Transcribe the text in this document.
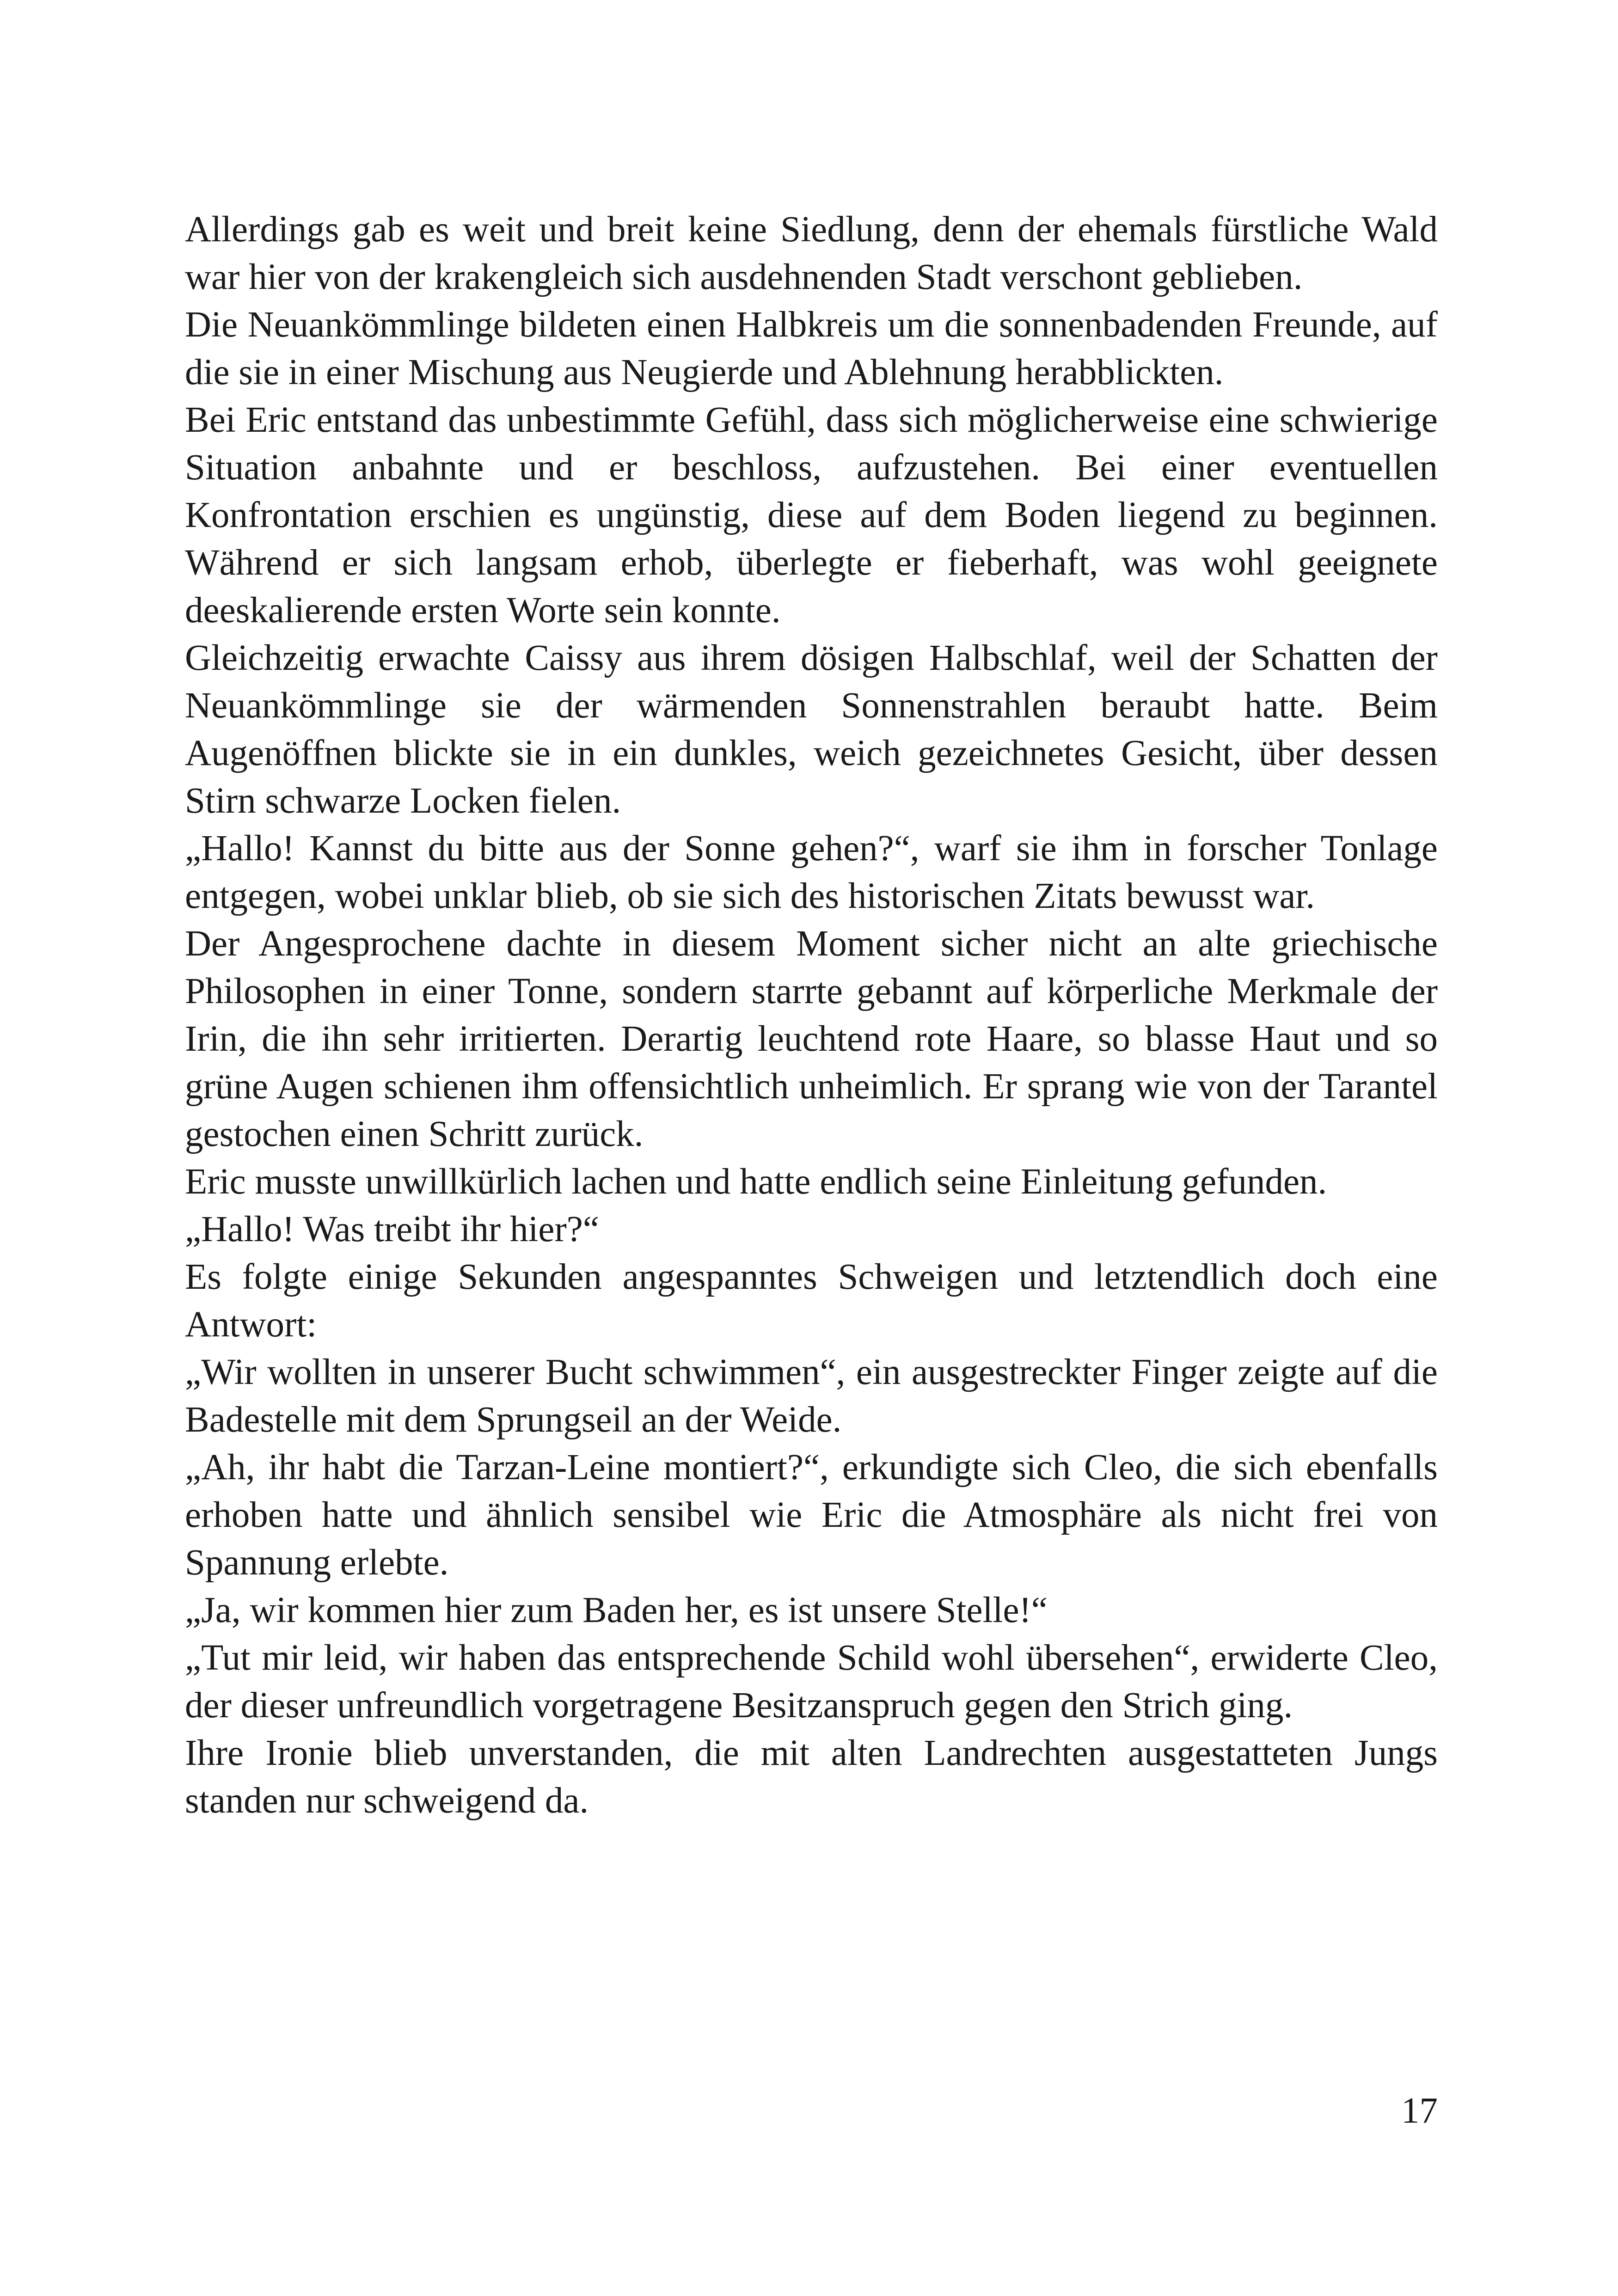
Allerdings gab es weit und breit keine Siedlung, denn der ehemals fürstliche Wald war hier von der krakengleich sich ausdehnenden Stadt verschont geblieben.

Die Neuankömmlinge bildeten einen Halbkreis um die sonnenbadenden Freunde, auf die sie in einer Mischung aus Neugierde und Ablehnung herabblickten.

Bei Eric entstand das unbestimmte Gefühl, dass sich möglicherweise eine schwierige Situation anbahnte und er beschloss, aufzustehen. Bei einer eventuellen Konfrontation erschien es ungünstig, diese auf dem Boden liegend zu beginnen. Während er sich langsam erhob, überlegte er fieberhaft, was wohl geeignete deeskalierende ersten Worte sein konnte.

Gleichzeitig erwachte Caissy aus ihrem dösigen Halbschlaf, weil der Schatten der Neuankömmlinge sie der wärmenden Sonnenstrahlen beraubt hatte. Beim Augenöffnen blickte sie in ein dunkles, weich gezeichnetes Gesicht, über dessen Stirn schwarze Locken fielen.

„Hallo! Kannst du bitte aus der Sonne gehen?“, warf sie ihm in forscher Tonlage entgegen, wobei unklar blieb, ob sie sich des historischen Zitats bewusst war.

Der Angesprochene dachte in diesem Moment sicher nicht an alte griechische Philosophen in einer Tonne, sondern starrte gebannt auf körperliche Merkmale der Irin, die ihn sehr irritierten. Derartig leuchtend rote Haare, so blasse Haut und so grüne Augen schienen ihm offensichtlich unheimlich. Er sprang wie von der Tarantel gestochen einen Schritt zurück.

Eric musste unwillkürlich lachen und hatte endlich seine Einleitung gefunden.

„Hallo! Was treibt ihr hier?“

Es folgte einige Sekunden angespanntes Schweigen und letztendlich doch eine Antwort:

„Wir wollten in unserer Bucht schwimmen“, ein ausgestreckter Finger zeigte auf die Badestelle mit dem Sprungseil an der Weide.

„Ah, ihr habt die Tarzan-Leine montiert?“, erkundigte sich Cleo, die sich ebenfalls erhoben hatte und ähnlich sensibel wie Eric die Atmosphäre als nicht frei von Spannung erlebte.

„Ja, wir kommen hier zum Baden her, es ist unsere Stelle!“

„Tut mir leid, wir haben das entsprechende Schild wohl übersehen“, erwiderte Cleo, der dieser unfreundlich vorgetragene Besitzanspruch gegen den Strich ging.

Ihre Ironie blieb unverstanden, die mit alten Landrechten ausgestatteten Jungs standen nur schweigend da.

17
